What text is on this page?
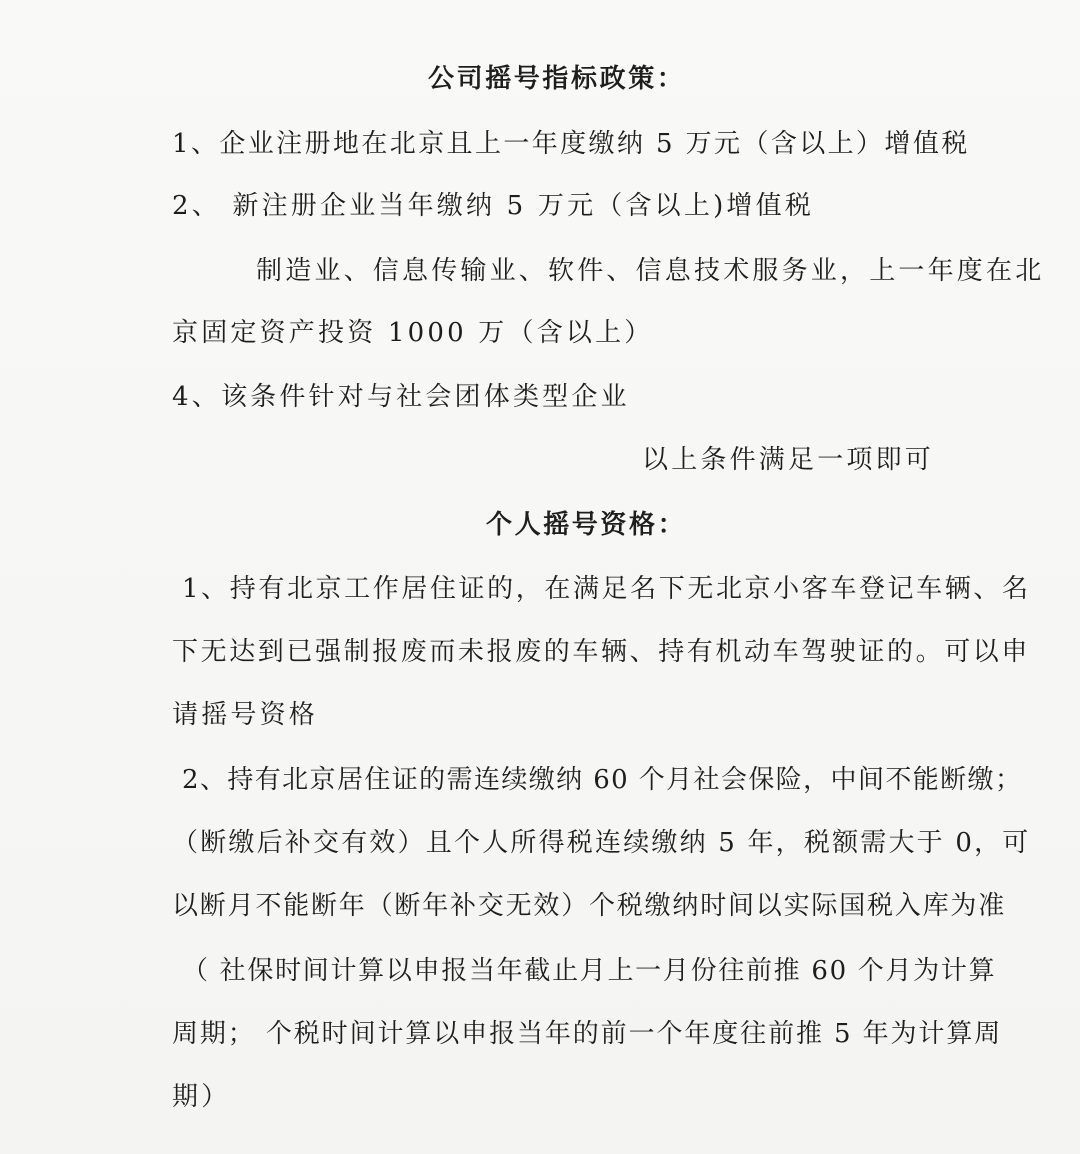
公司摇号指标政策：
1、企业注册地在北京且上一年度缴纳 5 万元（含以上）增值税
2、 新注册企业当年缴纳 5 万元（含以上)增值税
制造业、信息传输业、软件、信息技术服务业，上一年度在北
京固定资产投资 1000 万（含以上）
4、该条件针对与社会团体类型企业
以上条件满足一项即可
个人摇号资格：
1、持有北京工作居住证的，在满足名下无北京小客车登记车辆、名
下无达到已强制报废而未报废的车辆、持有机动车驾驶证的。可以申
请摇号资格
2、持有北京居住证的需连续缴纳 60 个月社会保险，中间不能断缴；
（断缴后补交有效）且个人所得税连续缴纳 5 年，税额需大于 0，可
以断月不能断年（断年补交无效）个税缴纳时间以实际国税入库为准
（ 社保时间计算以申报当年截止月上一月份往前推 60 个月为计算
周期； 个税时间计算以申报当年的前一个年度往前推 5 年为计算周
期）
